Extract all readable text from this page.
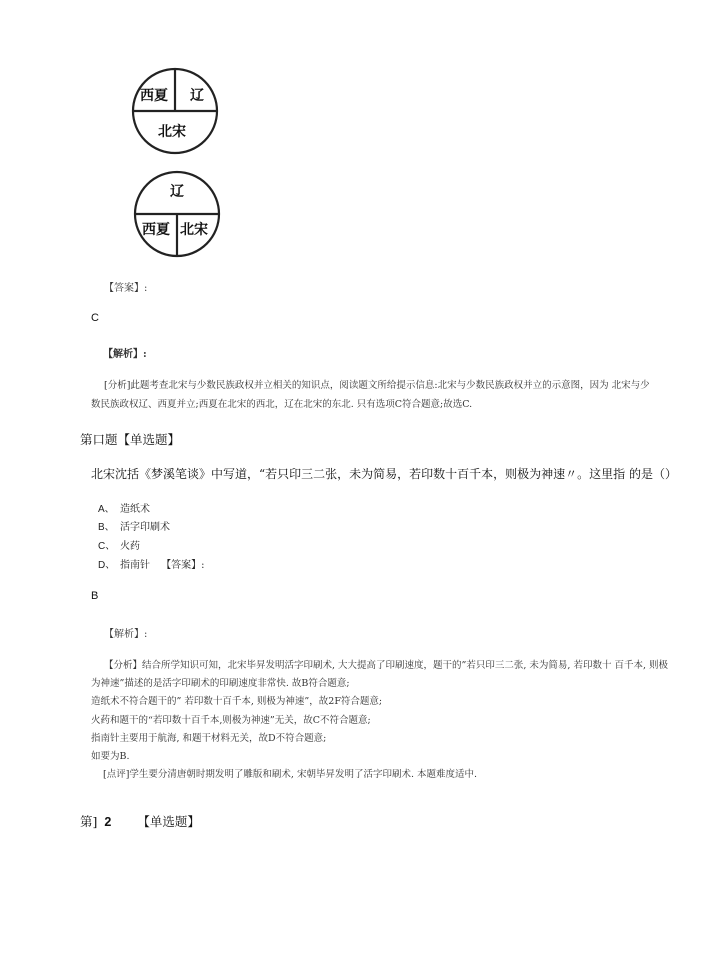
西夏 辽
北宋
辽
西夏 北宋
【答案】:
C
【解析】:
[分析]此题考查北宋与少数民族政权并立相关的知识点，阅读题文所给提示信息:北宋与少数民族政权并立的示意图，因为 北宋与少
数民族政权辽、西夏并立;西夏在北宋的西北，辽在北宋的东北. 只有选项C符合题意;故选C.
第口题【单选题】
北宋沈括《梦溪笔谈》中写道，“若只印三二张，未为简易，若印数十百千本，则极为神速〃。这里指 的是（）
A、 造纸术
B、 活字印刷术
C、 火药
D、 指南针 【答案】:
B
【解析】:
【分析】结合所学知识可知，北宋毕昇发明活字印刷术, 大大提高了印刷速度，题干的”若只印三二张, 未为简易, 若印数十 百千本, 则极
为神速”描述的是活字印刷术的印刷速度非常快. 故B符合题意;
造纸术不符合题干的” 若印数十百千本, 则极为神速”，故2F符合题意;
火药和题干的“若印数十百千本,则极为神速”无关，故C不符合题意;
指南针主要用于航海, 和题干材料无关，故D不符合题意;
如要为B.
[点评]学生要分清唐朝时期发明了雕版和刷术, 宋朝毕昇发明了活字印刷术. 本题难度适中.
第] 2 【单选题】
